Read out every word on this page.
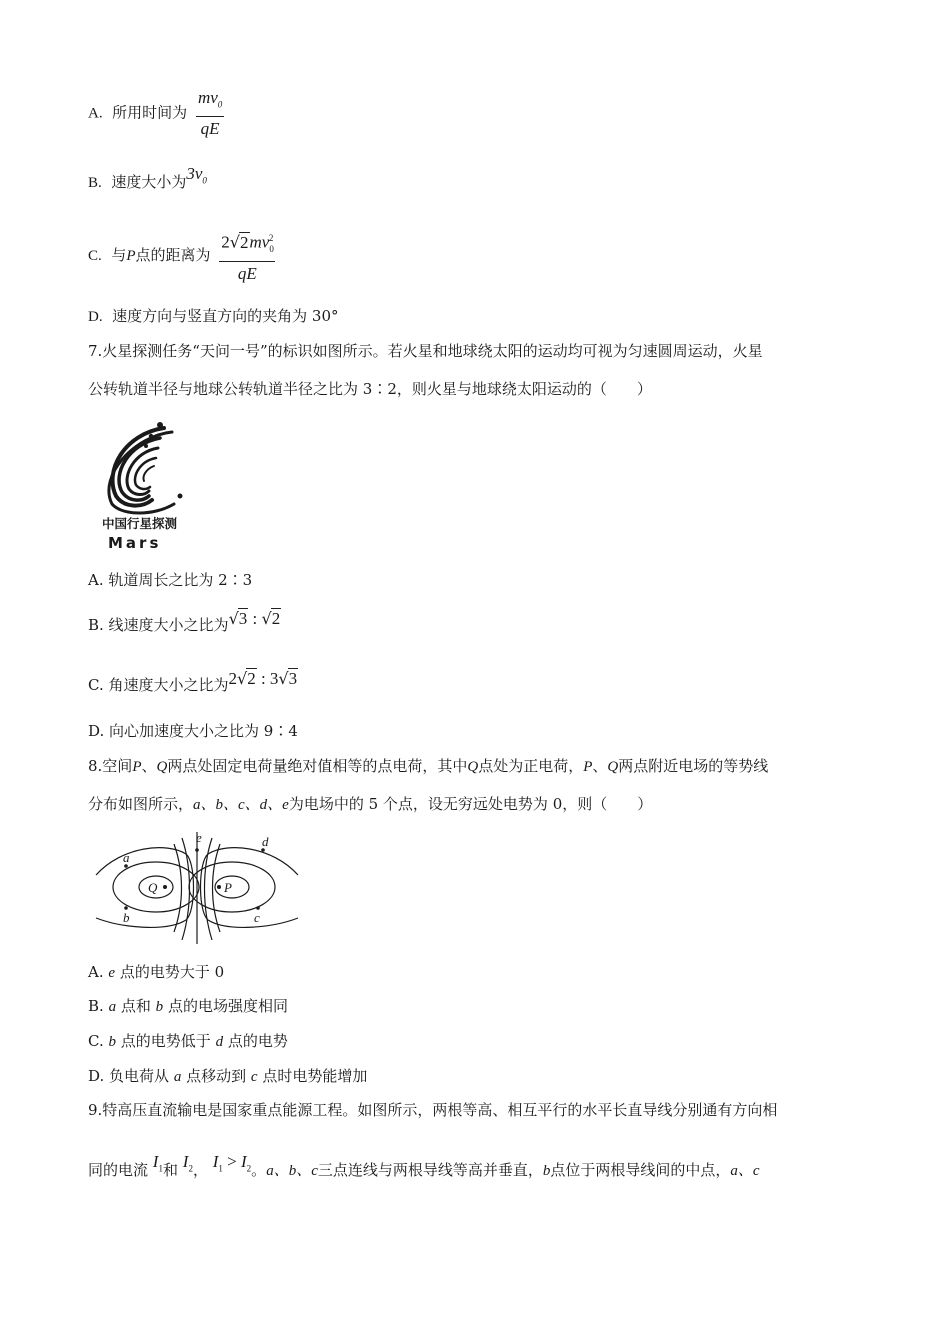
A. 所用时间为 $\frac{mv_0}{qE}$
B. 速度大小为$3v_0$
C. 与P点的距离为 $\frac{2√2mv_0^2}{qE}$
D. 速度方向与竖直方向的夹角为 30°
7.火星探测任务“天问一号”的标识如图所示。若火星和地球绕太阳的运动均可视为匀速圆周运动，火星
公转轨道半径与地球公转轨道半径之比为 3∶2，则火星与地球绕太阳运动的（　　）
中国行星探测
Mars
A. 轨道周长之比为 2∶3
B. 线速度大小之比为√3 : √2
C. 角速度大小之比为2√2 : 3√3
D. 向心加速度大小之比为 9∶4
8.空间P、Q两点处固定电荷量绝对值相等的点电荷，其中Q点处为正电荷，P、Q两点附近电场的等势线
分布如图所示，a、b、c、d、e为电场中的 5 个点，设无穷远处电势为 0，则（　　）
Q	P
a
b	c
d
e
A. e 点的电势大于 0
B. a 点和 b 点的电场强度相同
C. b 点的电势低于 d 点的电势
D. 负电荷从 a 点移动到 c 点时电势能增加
9.特高压直流输电是国家重点能源工程。如图所示，两根等高、相互平行的水平长直导线分别通有方向相
同的电流 $I_1$和 $I_2$， $I_1 > I_2$。a、b、c三点连线与两根导线等高并垂直，b点位于两根导线间的中点，a、c
